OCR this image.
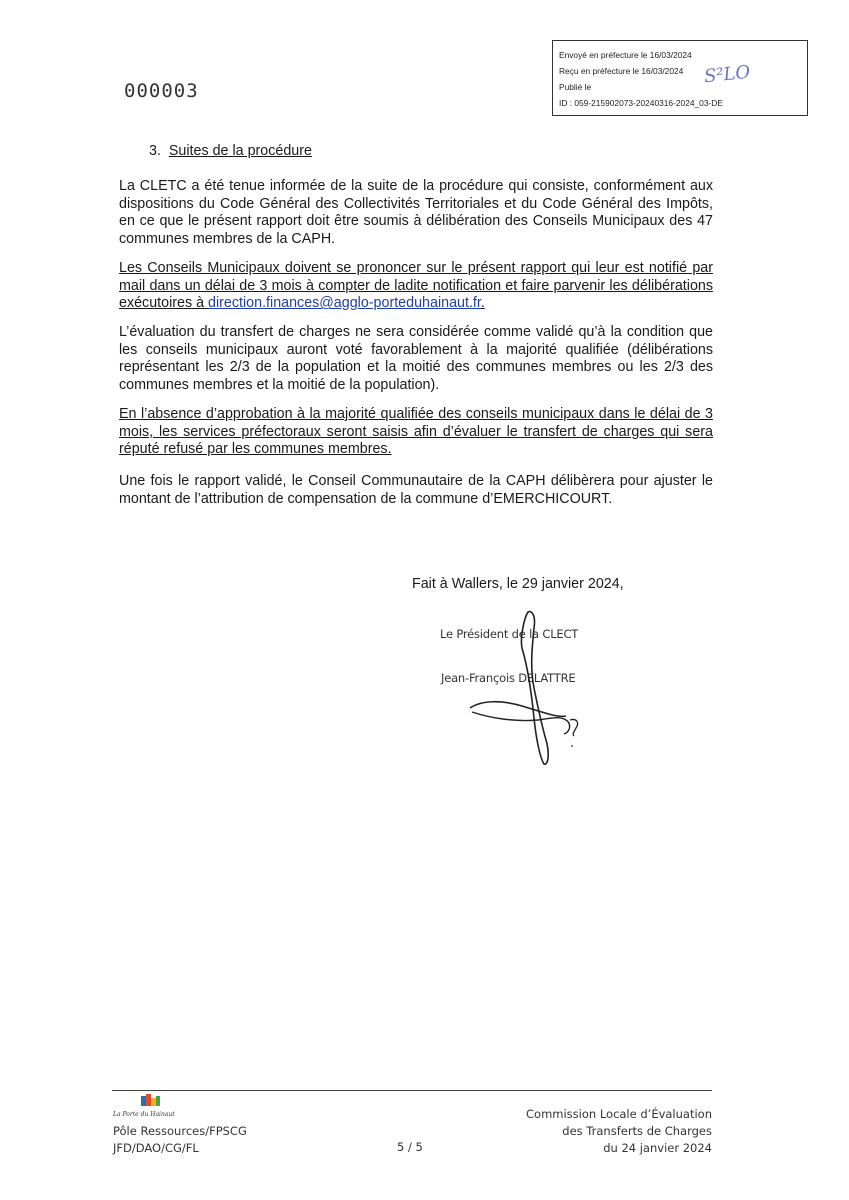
Envoyé en préfecture le 16/03/2024
Reçu en préfecture le 16/03/2024
Publié le
ID : 059-215902073-20240316-2024_03-DE
S²LO
000003
3. Suites de la procédure
La CLETC a été tenue informée de la suite de la procédure qui consiste, conformément aux dispositions du Code Général des Collectivités Territoriales et du Code Général des Impôts, en ce que le présent rapport doit être soumis à délibération des Conseils Municipaux des 47 communes membres de la CAPH.
Les Conseils Municipaux doivent se prononcer sur le présent rapport qui leur est notifié par mail dans un délai de 3 mois à compter de ladite notification et faire parvenir les délibérations exécutoires à direction.finances@agglo-porteduhainaut.fr.
L’évaluation du transfert de charges ne sera considérée comme validé qu’à la condition que les conseils municipaux auront voté favorablement à la majorité qualifiée (délibérations représentant les 2/3 de la population et la moitié des communes membres ou les 2/3 des communes membres et la moitié de la population).
En l’absence d’approbation à la majorité qualifiée des conseils municipaux dans le délai de 3 mois, les services préfectoraux seront saisis afin d’évaluer le transfert de charges qui sera réputé refusé par les communes membres.
Une fois le rapport validé, le Conseil Communautaire de la CAPH délibèrera pour ajuster le montant de l’attribution de compensation de la commune d’EMERCHICOURT.
Fait à Wallers, le 29 janvier 2024,
Le Président de la CLECT
Jean-François DELATTRE
La Porte du Hainaut
Pôle Ressources/FPSCG
JFD/DAO/CG/FL	5 / 5
Commission Locale d’Évaluation
des Transferts de Charges
du 24 janvier 2024
